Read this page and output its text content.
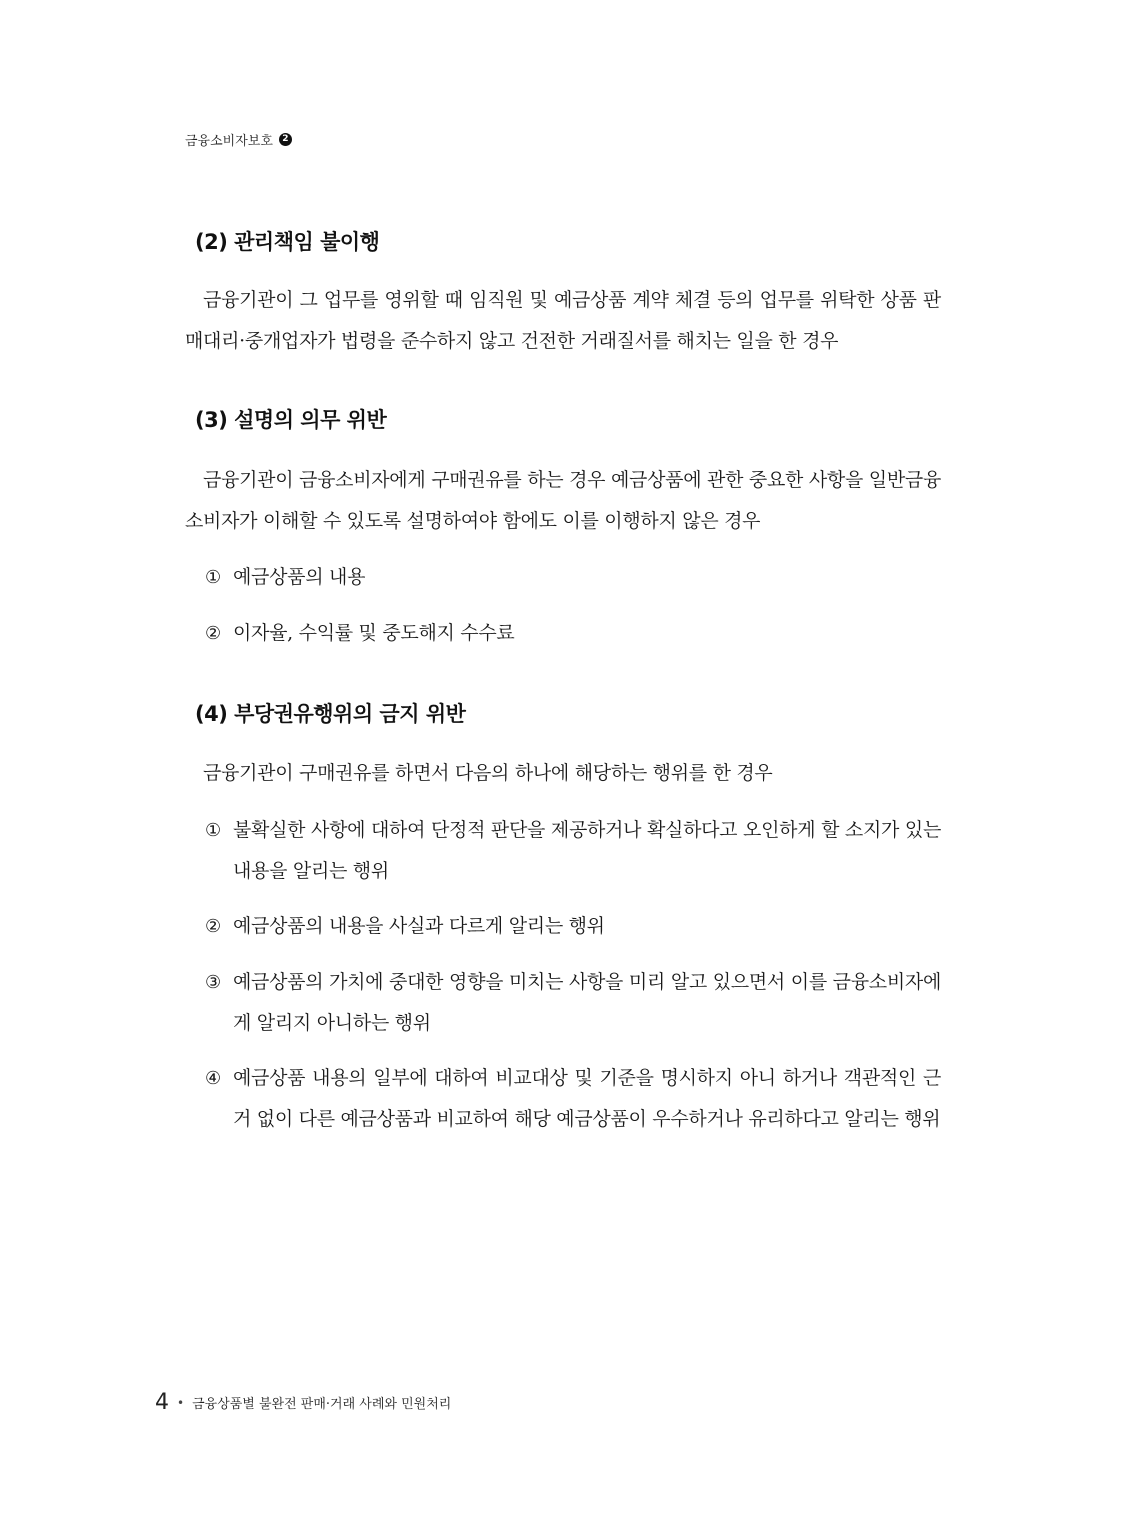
금융소비자보호	2
(2) 관리책임 불이행
금융기관이 그 업무를 영위할 때 임직원 및 예금상품 계약 체결 등의 업무를 위탁한 상품 판매대리·중개업자가 법령을 준수하지 않고 건전한 거래질서를 해치는 일을 한 경우
(3) 설명의 의무 위반
금융기관이 금융소비자에게 구매권유를 하는 경우 예금상품에 관한 중요한 사항을 일반금융소비자가 이해할 수 있도록 설명하여야 함에도 이를 이행하지 않은 경우
① 예금상품의 내용
② 이자율, 수익률 및 중도해지 수수료
(4) 부당권유행위의 금지 위반
금융기관이 구매권유를 하면서 다음의 하나에 해당하는 행위를 한 경우
① 불확실한 사항에 대하여 단정적 판단을 제공하거나 확실하다고 오인하게 할 소지가 있는 내용을 알리는 행위
② 예금상품의 내용을 사실과 다르게 알리는 행위
③ 예금상품의 가치에 중대한 영향을 미치는 사항을 미리 알고 있으면서 이를 금융소비자에게 알리지 아니하는 행위
④ 예금상품 내용의 일부에 대하여 비교대상 및 기준을 명시하지 아니 하거나 객관적인 근거 없이 다른 예금상품과 비교하여 해당 예금상품이 우수하거나 유리하다고 알리는 행위
4 • 금융상품별 불완전 판매·거래 사례와 민원처리
